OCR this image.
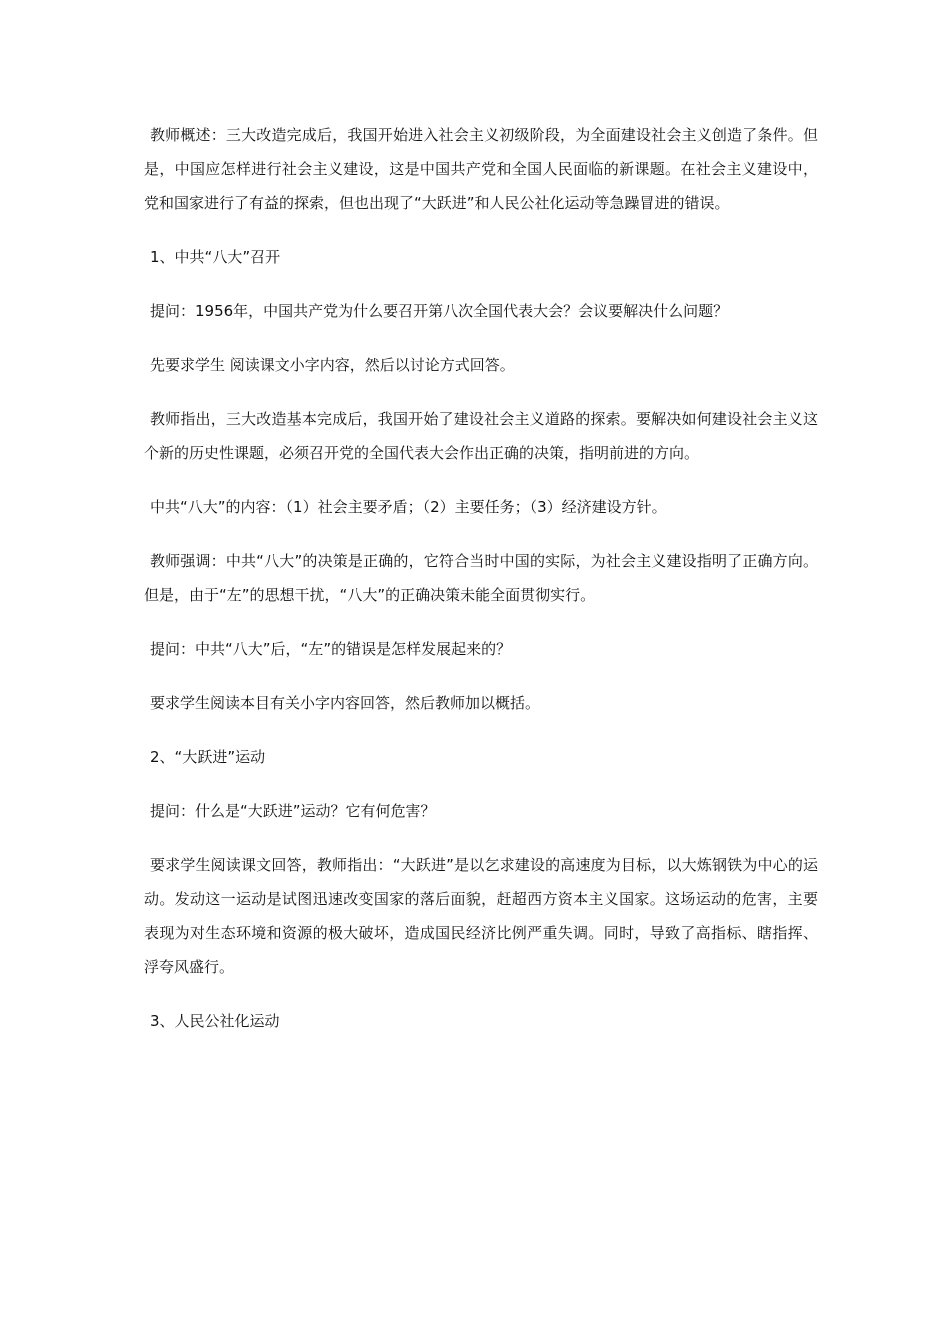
教师概述：三大改造完成后，我国开始进入社会主义初级阶段，为全面建设社会主义创造了条件。但是，中国应怎样进行社会主义建设，这是中国共产党和全国人民面临的新课题。在社会主义建设中，党和国家进行了有益的探索，但也出现了“大跃进”和人民公社化运动等急躁冒进的错误。

1、中共“八大”召开

提问：1956年，中国共产党为什么要召开第八次全国代表大会？会议要解决什么问题？

先要求学生 阅读课文小字内容，然后以讨论方式回答。

教师指出，三大改造基本完成后，我国开始了建设社会主义道路的探索。要解决如何建设社会主义这个新的历史性课题，必须召开党的全国代表大会作出正确的决策，指明前进的方向。

中共“八大”的内容：（1）社会主要矛盾；（2）主要任务；（3）经济建设方针。

教师强调：中共“八大”的决策是正确的，它符合当时中国的实际，为社会主义建设指明了正确方向。但是，由于“左”的思想干扰，“八大”的正确决策未能全面贯彻实行。

提问：中共“八大”后，“左”的错误是怎样发展起来的？

要求学生阅读本目有关小字内容回答，然后教师加以概括。

2、“大跃进”运动

提问：什么是“大跃进”运动？它有何危害？

要求学生阅读课文回答，教师指出：“大跃进”是以乞求建设的高速度为目标，以大炼钢铁为中心的运动。发动这一运动是试图迅速改变国家的落后面貌，赶超西方资本主义国家。这场运动的危害，主要表现为对生态环境和资源的极大破坏，造成国民经济比例严重失调。同时，导致了高指标、瞎指挥、浮夸风盛行。

3、人民公社化运动
